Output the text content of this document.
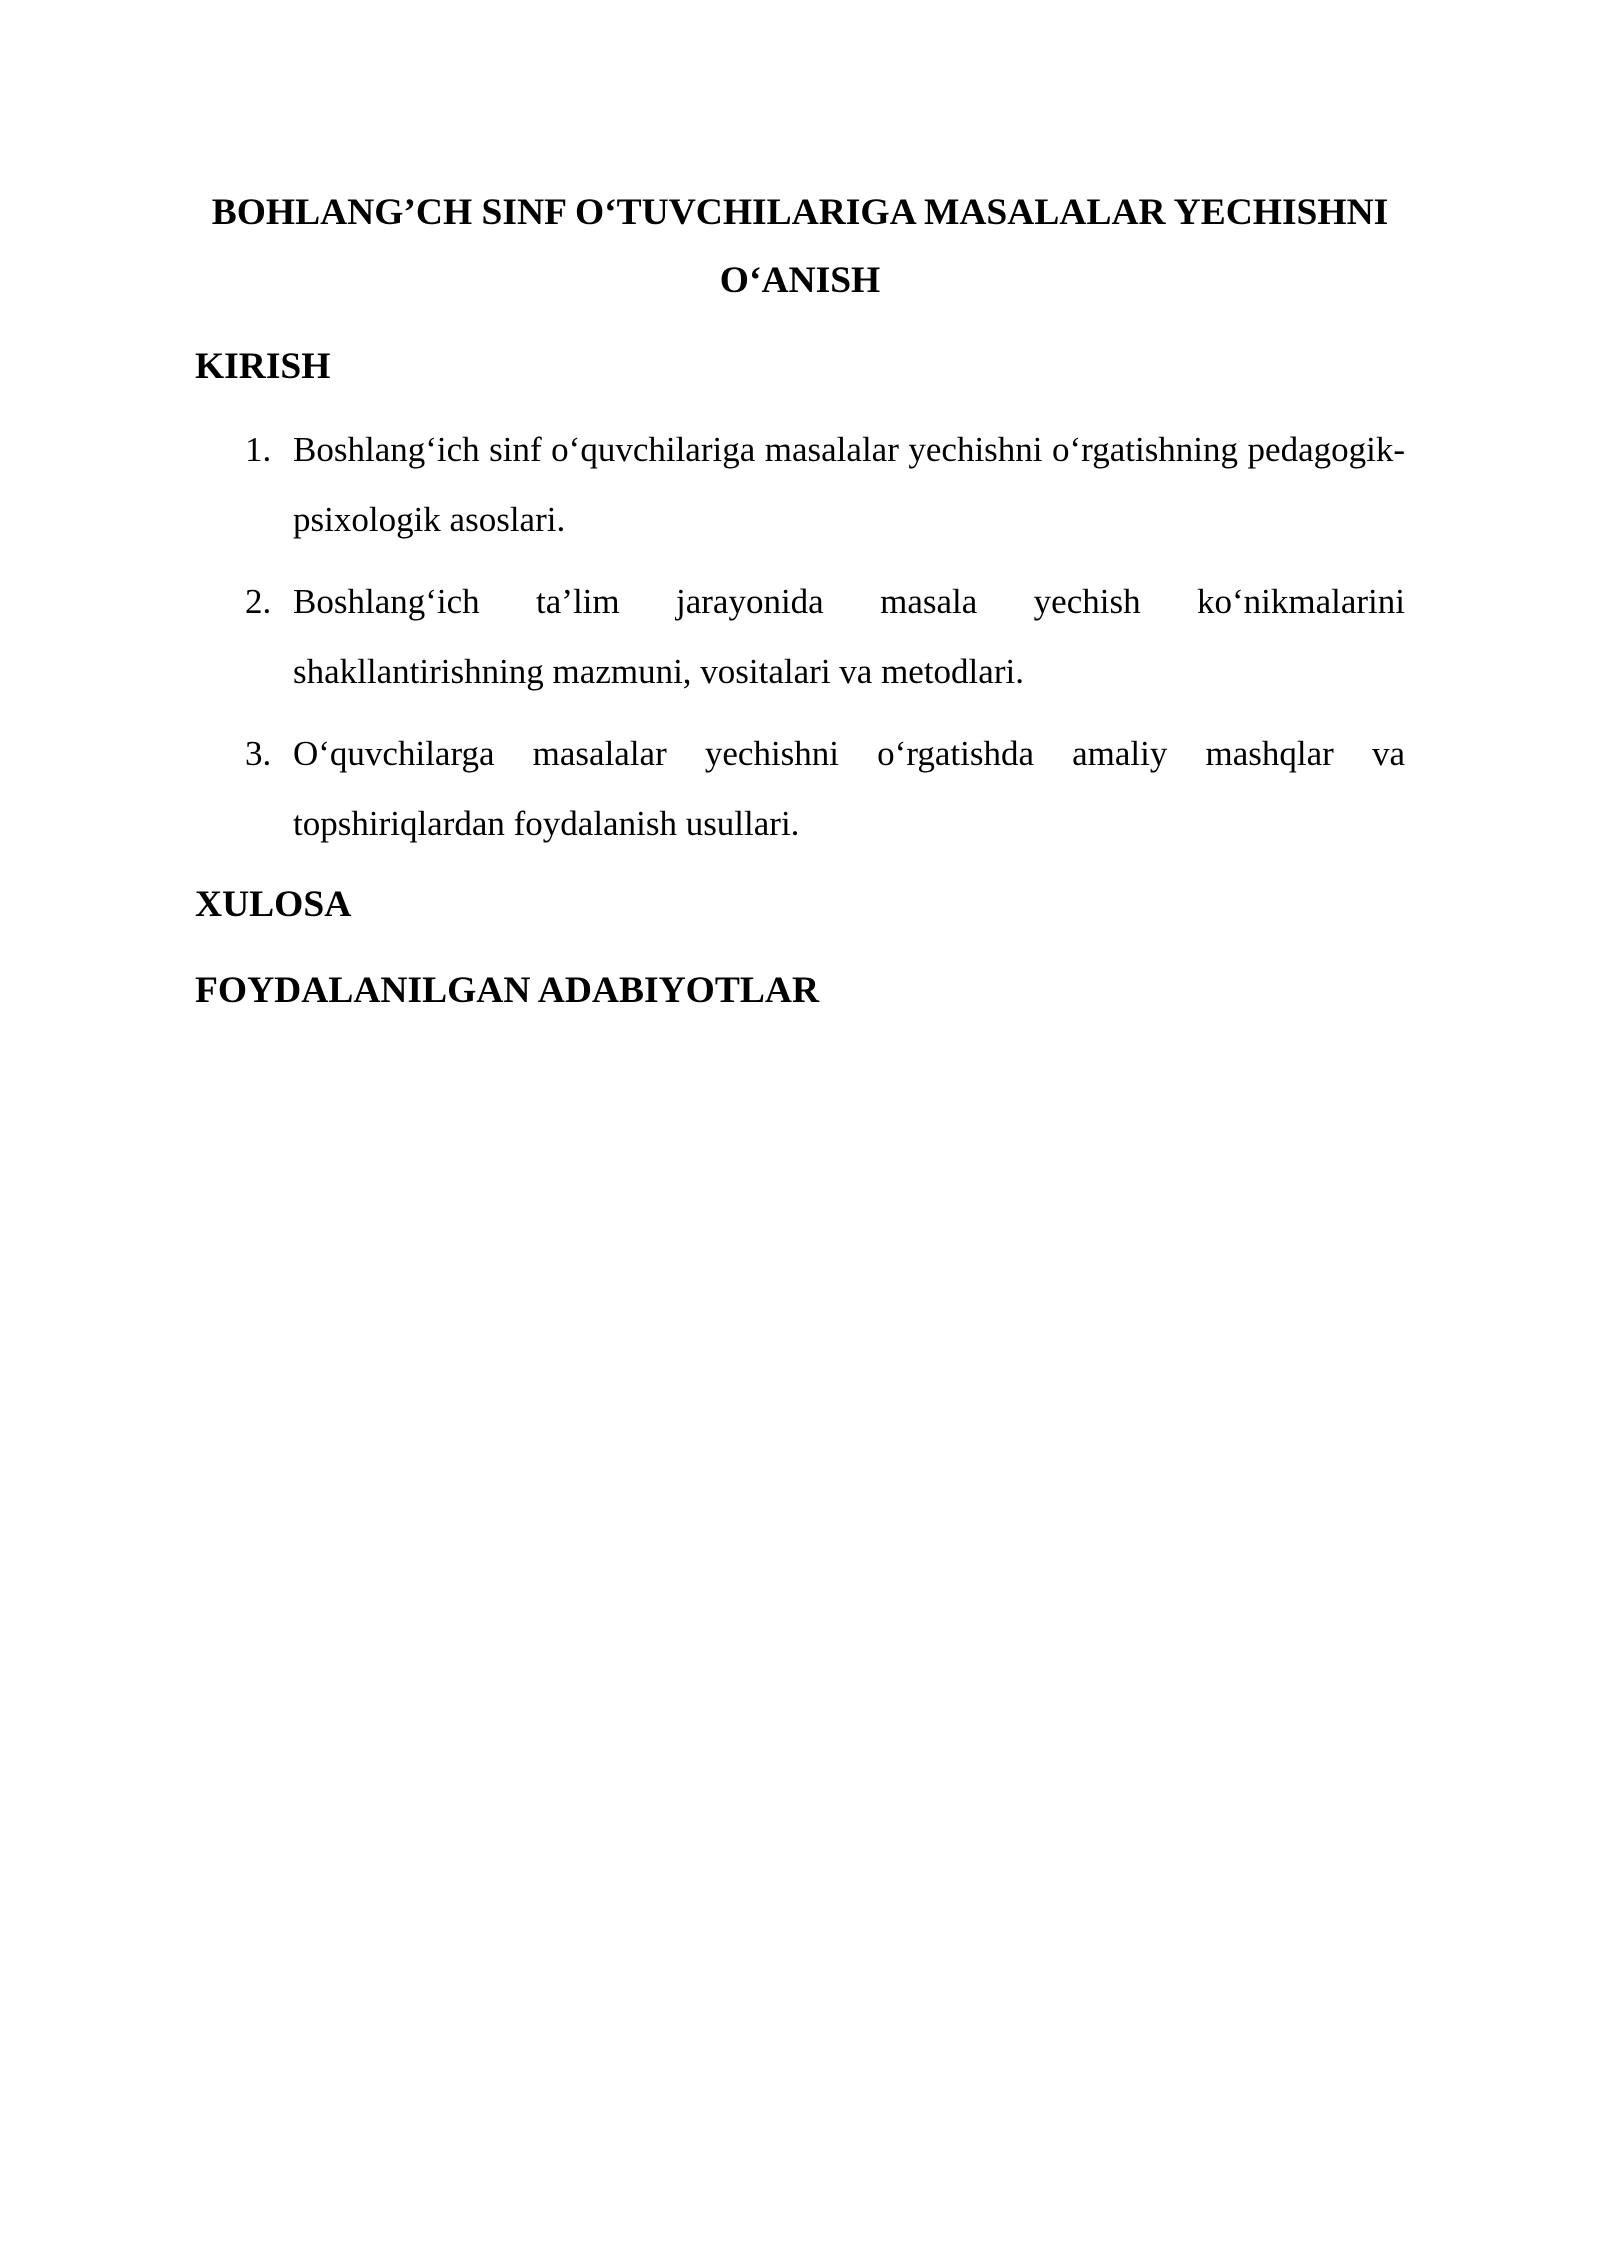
BOHLANG’CH SINF O‘TUVCHILARIGA MASALALAR YECHISHNI
O‘ANISH
KIRISH
1. Boshlang‘ich sinf o‘quvchilariga masalalar yechishni o‘rgatishning pedagogik-psixologik asoslari.
2. Boshlang‘ich ta’lim jarayonida masala yechish ko‘nikmalarini shakllantirishning mazmuni, vositalari va metodlari.
3. O‘quvchilarga masalalar yechishni o‘rgatishda amaliy mashqlar va topshiriqlardan foydalanish usullari.
XULOSA
FOYDALANILGAN ADABIYOTLAR
